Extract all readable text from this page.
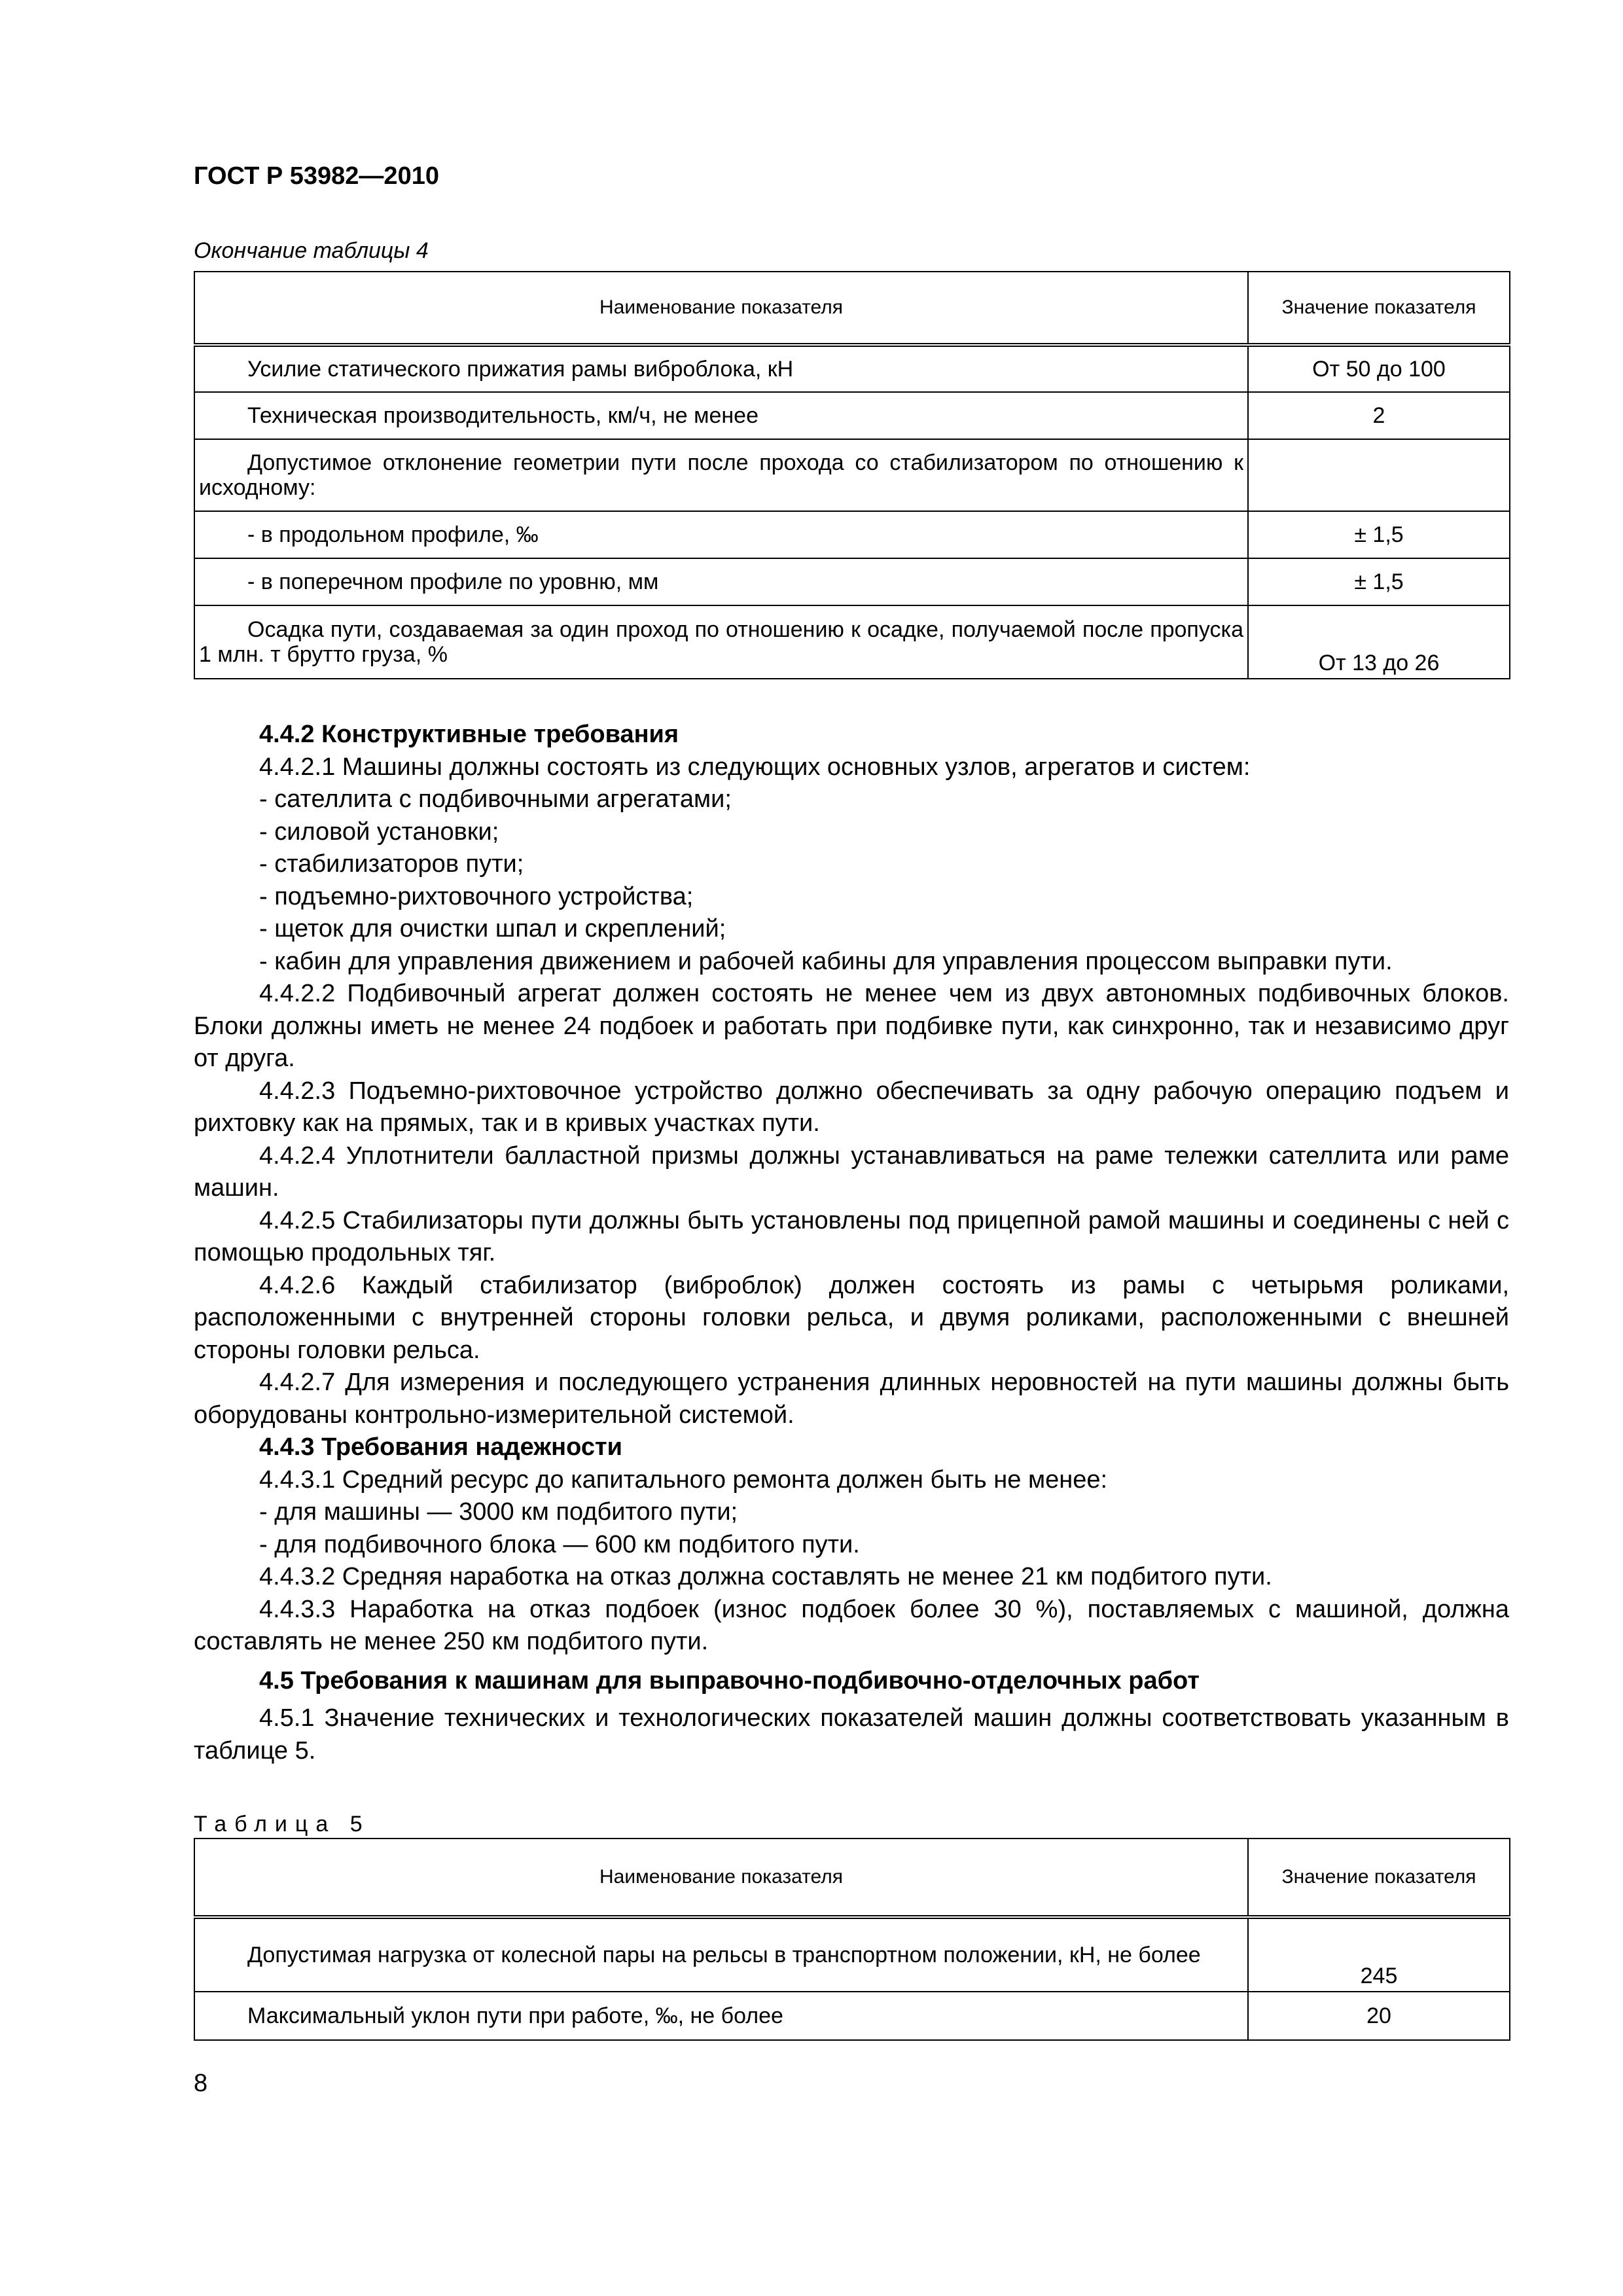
ГОСТ Р 53982—2010
Окончание таблицы 4
Наименование показателя	Значение показателя
Усилие статического прижатия рамы виброблока, кН	От 50 до 100
Техническая производительность, км/ч, не менее	2
Допустимое отклонение геометрии пути после прохода со стабилизатором по отношению к исходному:	
- в продольном профиле, ‰	± 1,5
- в поперечном профиле по уровню, мм	± 1,5
Осадка пути, создаваемая за один проход по отношению к осадке, получаемой после пропуска 1 млн. т брутто груза, %	От 13 до 26

4.4.2 Конструктивные требования

4.4.2.1 Машины должны состоять из следующих основных узлов, агрегатов и систем:

- сателлита с подбивочными агрегатами;

- силовой установки;

- стабилизаторов пути;

- подъемно-рихтовочного устройства;

- щеток для очистки шпал и скреплений;

- кабин для управления движением и рабочей кабины для управления процессом выправки пути.

4.4.2.2 Подбивочный агрегат должен состоять не менее чем из двух автономных подбивочных блоков. Блоки должны иметь не менее 24 подбоек и работать при подбивке пути, как синхронно, так и независимо друг от друга.

4.4.2.3 Подъемно-рихтовочное устройство должно обеспечивать за одну рабочую операцию подъем и рихтовку как на прямых, так и в кривых участках пути.

4.4.2.4 Уплотнители балластной призмы должны устанавливаться на раме тележки сателлита или раме машин.

4.4.2.5 Стабилизаторы пути должны быть установлены под прицепной рамой машины и соединены с ней с помощью продольных тяг.

4.4.2.6 Каждый стабилизатор (виброблок) должен состоять из рамы с четырьмя роликами, расположенными с внутренней стороны головки рельса, и двумя роликами, расположенными с внешней стороны головки рельса.

4.4.2.7 Для измерения и последующего устранения длинных неровностей на пути машины должны быть оборудованы контрольно-измерительной системой.

4.4.3 Требования надежности

4.4.3.1 Средний ресурс до капитального ремонта должен быть не менее:

- для машины — 3000 км подбитого пути;

- для подбивочного блока — 600 км подбитого пути.

4.4.3.2 Средняя наработка на отказ должна составлять не менее 21 км подбитого пути.

4.4.3.3 Наработка на отказ подбоек (износ подбоек более 30 %), поставляемых с машиной, должна составлять не менее 250 км подбитого пути.

4.5 Требования к машинам для выправочно-подбивочно-отделочных работ

4.5.1 Значение технических и технологических показателей машин должны соответствовать указанным в таблице 5.

Таблица 5
Наименование показателя	Значение показателя
Допустимая нагрузка от колесной пары на рельсы в транспортном положении, кН, не более	245
Максимальный уклон пути при работе, ‰, не более	20
8
